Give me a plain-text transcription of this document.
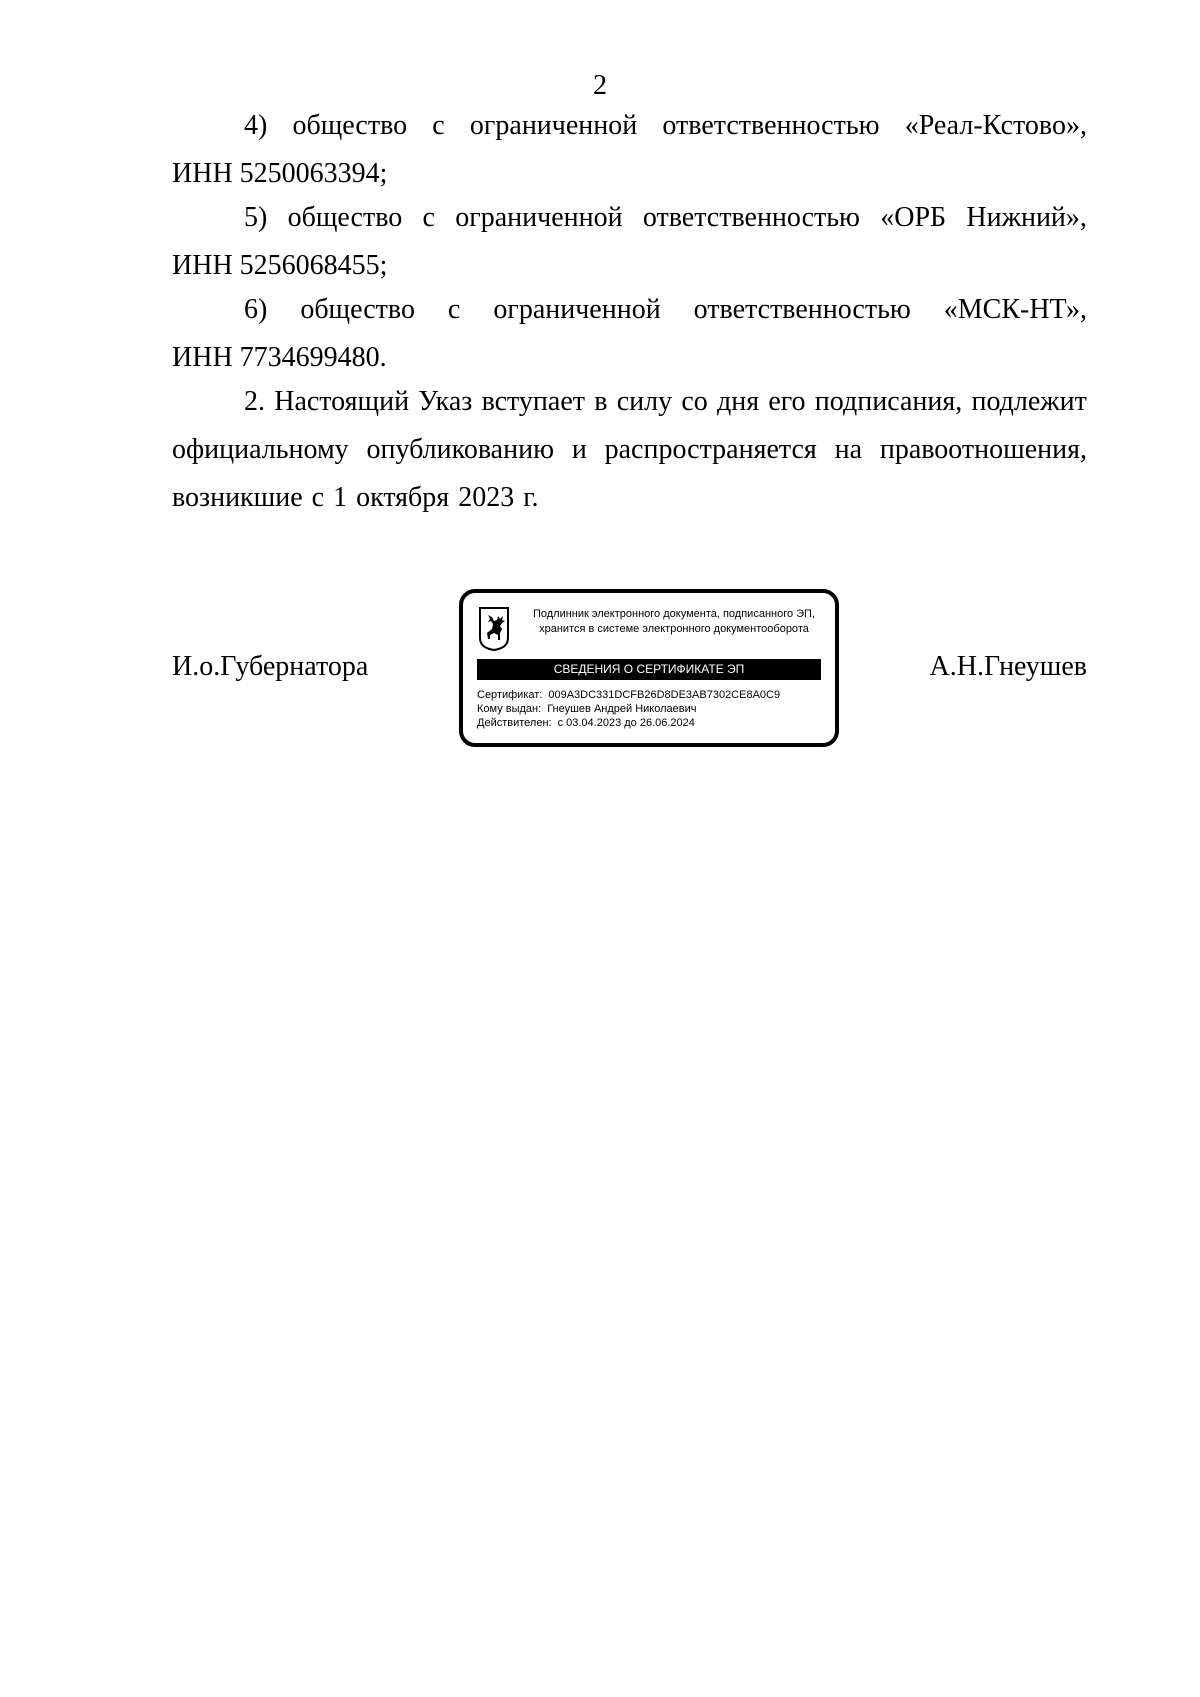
2
4) общество с ограниченной ответственностью «Реал-Кстово»,
ИНН 5250063394;
5) общество с ограниченной ответственностью «ОРБ Нижний»,
ИНН 5256068455;
6) общество с ограниченной ответственностью «МСК-НТ»,
ИНН 7734699480.
2. Настоящий Указ вступает в силу со дня его подписания, подлежит
официальному опубликованию и распространяется на правоотношения,
возникшие с 1 октября 2023 г.
И.о.Губернатора	А.Н.Гнеушев
Подлинник электронного документа, подписанного ЭП,
хранится в системе электронного документооборота
СВЕДЕНИЯ О СЕРТИФИКАТЕ ЭП
Сертификат: 009A3DC331DCFB26D8DE3AB7302CE8A0C9
Кому выдан: Гнеушев Андрей Николаевич
Действителен: с 03.04.2023 до 26.06.2024
